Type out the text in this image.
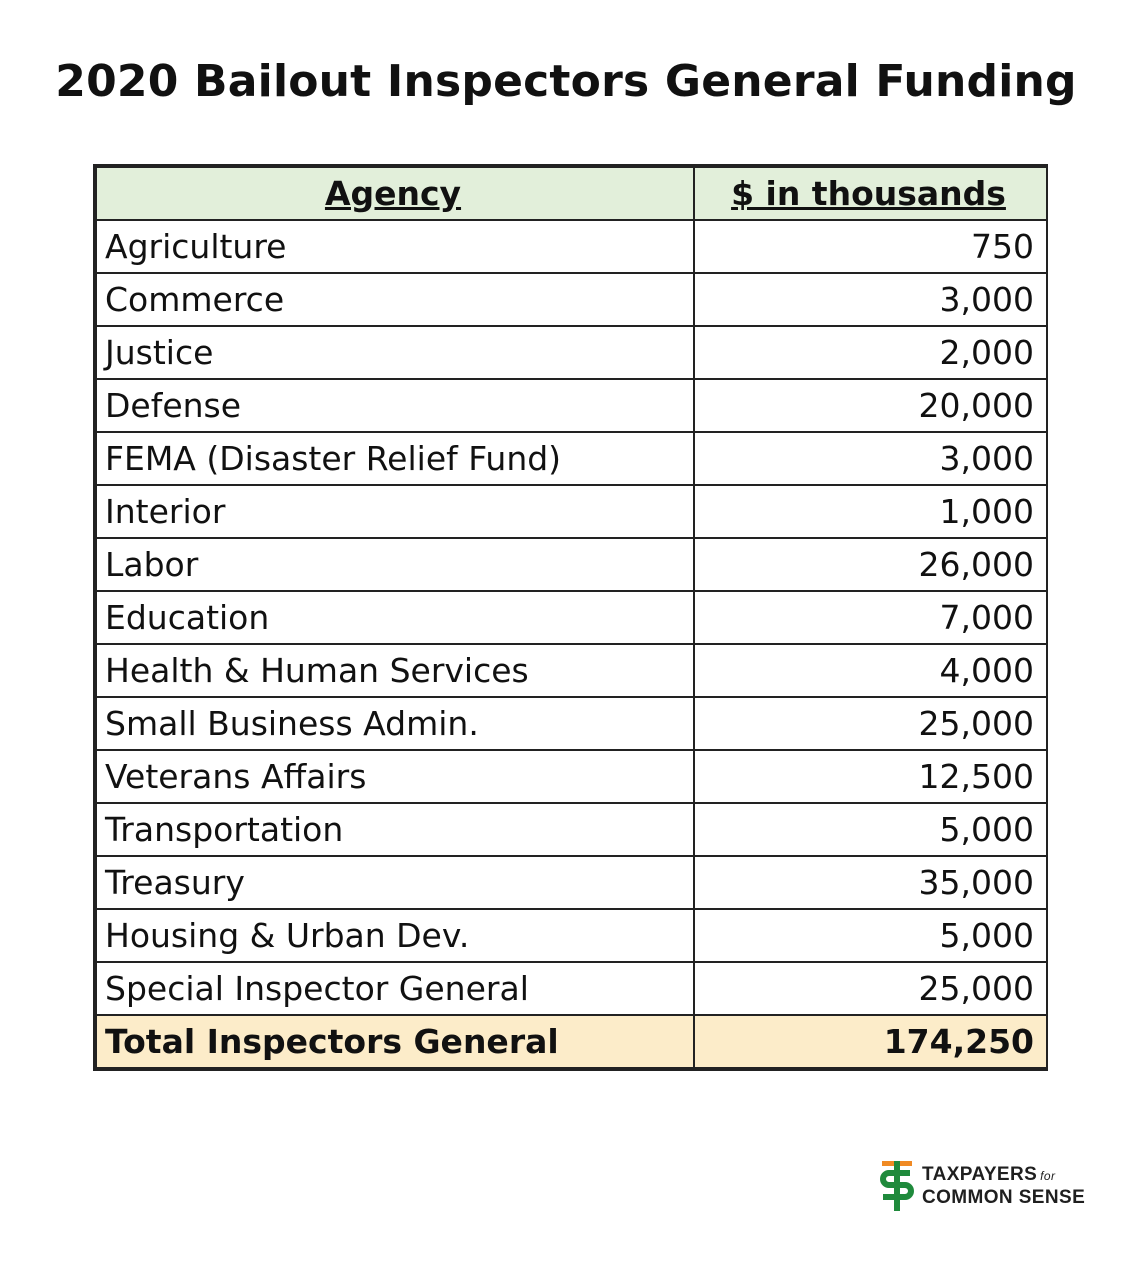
2020 Bailout Inspectors General Funding
Agency	$ in thousands
Agriculture	750
Commerce	3,000
Justice	2,000
Defense	20,000
FEMA (Disaster Relief Fund)	3,000
Interior	1,000
Labor	26,000
Education	7,000
Health & Human Services	4,000
Small Business Admin.	25,000
Veterans Affairs	12,500
Transportation	5,000
Treasury	35,000
Housing & Urban Dev.	5,000
Special Inspector General	25,000
Total Inspectors General	174,250
TAXPAYERS for
COMMON SENSE
